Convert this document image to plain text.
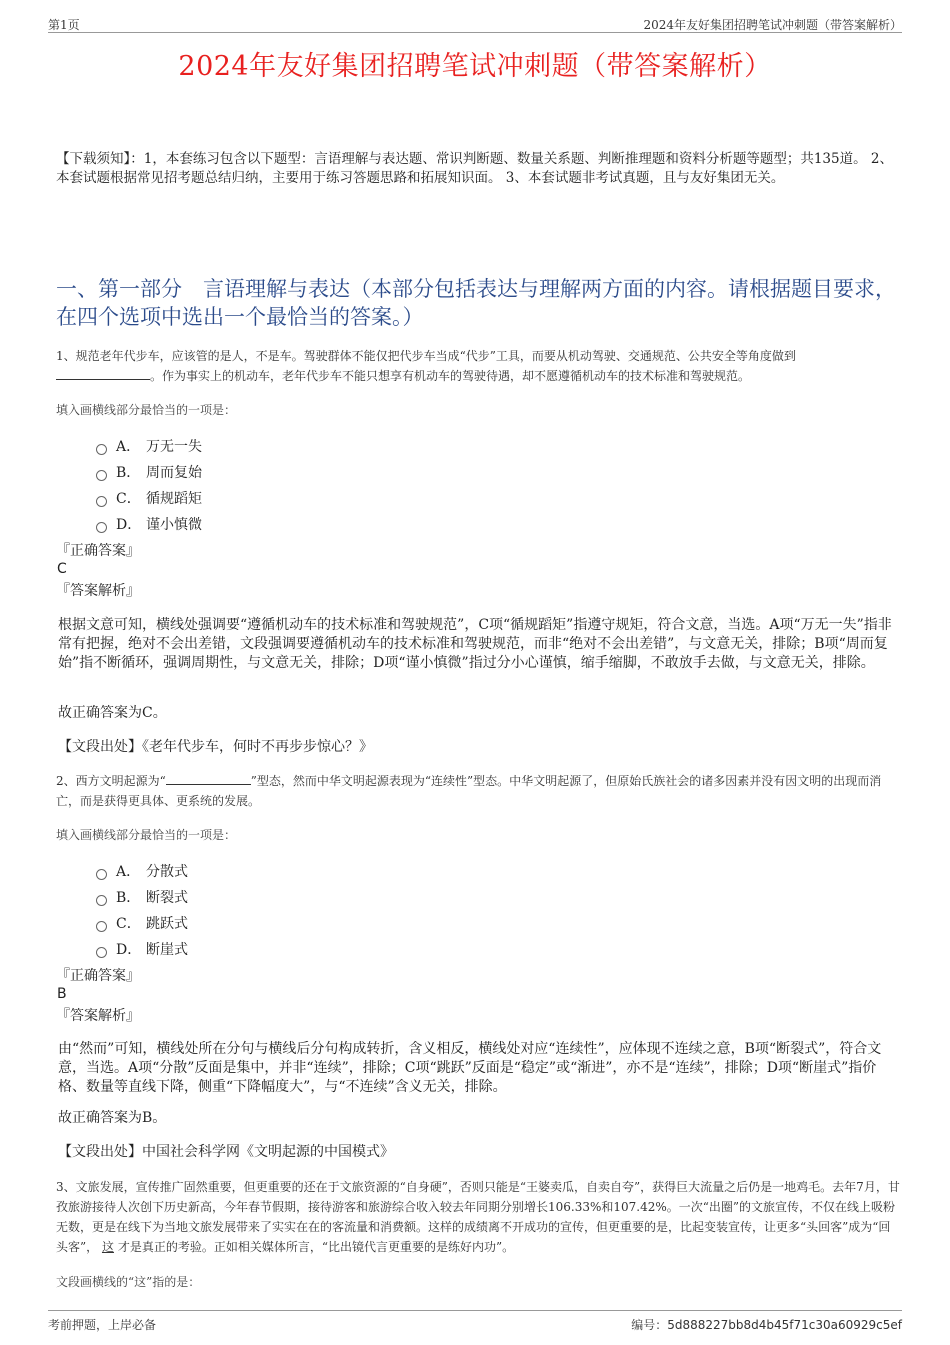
第1页	2024年友好集团招聘笔试冲刺题（带答案解析）
2024年友好集团招聘笔试冲刺题（带答案解析）
【下载须知】：1，本套练习包含以下题型：言语理解与表达题、常识判断题、数量关系题、判断推理题和资料分析题等题型；共135道。 2、本套试题根据常见招考题总结归纳，主要用于练习答题思路和拓展知识面。 3、本套试题非考试真题，且与友好集团无关。
一、第一部分　言语理解与表达（本部分包括表达与理解两方面的内容。请根据题目要求，在四个选项中选出一个最恰当的答案。）
1、规范老年代步车，应该管的是人，不是车。驾驶群体不能仅把代步车当成“代步”工具，而要从机动驾驶、交通规范、公共安全等角度做到
。作为事实上的机动车，老年代步车不能只想享有机动车的驾驶待遇，却不愿遵循机动车的技术标准和驾驶规范。
填入画横线部分最恰当的一项是：
A． 万无一失
B． 周而复始
C． 循规蹈矩
D． 谨小慎微
『正确答案』
C
『答案解析』
根据文意可知，横线处强调要“遵循机动车的技术标准和驾驶规范”，C项“循规蹈矩”指遵守规矩，符合文意，当选。A项“万无一失”指非常有把握，绝对不会出差错，文段强调要遵循机动车的技术标准和驾驶规范，而非“绝对不会出差错”，与文意无关，排除；B项“周而复始”指不断循环，强调周期性，与文意无关，排除；D项“谨小慎微”指过分小心谨慎，缩手缩脚，不敢放手去做，与文意无关，排除。
故正确答案为C。
【文段出处】《老年代步车，何时不再步步惊心？》
2、西方文明起源为“	”型态，然而中华文明起源表现为“连续性”型态。中华文明起源了，但原始氏族社会的诸多因素并没有因文明的出现而消亡，而是获得更具体、更系统的发展。
填入画横线部分最恰当的一项是：
A． 分散式
B． 断裂式
C． 跳跃式
D． 断崖式
『正确答案』
B
『答案解析』
由“然而”可知，横线处所在分句与横线后分句构成转折，含义相反，横线处对应“连续性”，应体现不连续之意，B项“断裂式”，符合文意，当选。A项“分散”反面是集中，并非“连续”，排除；C项“跳跃”反面是“稳定”或“渐进”，亦不是“连续”，排除；D项“断崖式”指价格、数量等直线下降，侧重“下降幅度大”，与“不连续”含义无关，排除。
故正确答案为B。
【文段出处】中国社会科学网《文明起源的中国模式》
3、文旅发展，宣传推广固然重要，但更重要的还在于文旅资源的“自身硬”，否则只能是“王婆卖瓜，自卖自夸”，获得巨大流量之后仍是一地鸡毛。去年7月，甘孜旅游接待人次创下历史新高，今年春节假期，接待游客和旅游综合收入较去年同期分别增长106.33%和107.42%。一次“出圈”的文旅宣传，不仅在线上吸粉无数，更是在线下为当地文旅发展带来了实实在在的客流量和消费额。这样的成绩离不开成功的宣传，但更重要的是，比起变装宣传，让更多“头回客”成为“回头客”， 这 才是真正的考验。正如相关媒体所言，“比出镜代言更重要的是练好内功”。
文段画横线的“这”指的是：
考前押题，上岸必备	编号：5d888227bb8d4b45f71c30a60929c5ef
